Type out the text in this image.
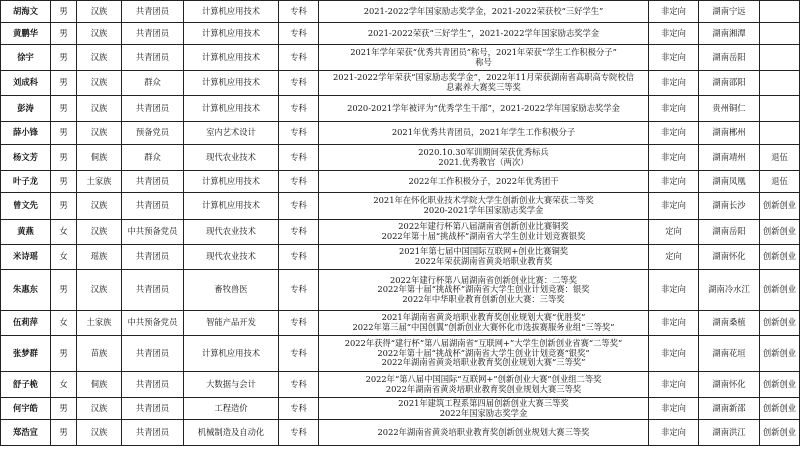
胡海文	男	汉族	共青团员	计算机应用技术	专科	2021-2022学年国家励志奖学金，2021-2022荣获校“三好学生”	非定向	湖南宁远	
黄鹏华	男	汉族	共青团员	计算机应用技术	专科	2021-2022荣获“三好学生”，2021-2022学年国家励志奖学金	非定向	湖南湘潭	
徐宇	男	汉族	共青团员	计算机应用技术	专科	2021年学年荣获“优秀共青团员”称号，2021年荣获“学生工作积极分子”
称号	非定向	湖南岳阳	
刘成科	男	汉族	群众	计算机应用技术	专科	2021-2022学年荣获“国家励志奖学金”，2022年11月荣获湖南省高职高专院校信
息素养大赛奖三等奖	非定向	湖南邵阳	
彭涛	男	汉族	共青团员	计算机应用技术	专科	2020-2021学年被评为“优秀学生干部”，2021-2022学年国家励志奖学金	非定向	贵州铜仁	
薛小锋	男	汉族	预备党员	室内艺术设计	专科	2021年优秀共青团员，2021年学生工作积极分子	非定向	湖南郴州	
杨文芳	男	侗族	群众	现代农业技术	专科	2020.10.30军训期间荣获优秀标兵
2021.优秀教官（两次）	非定向	湖南靖州	退伍
叶子龙	男	土家族	共青团员	计算机应用技术	专科	2022年工作积极分子，2022年优秀团干	非定向	湖南凤凰	退伍
曾文先	男	汉族	共青团员	计算机应用技术	专科	2021年在怀化职业技术学院大学生创新创业大赛荣获二等奖
2020-2021学年国家励志奖学金	非定向	湖南长沙	创新创业
黄燕	女	汉族	中共预备党员	现代农业技术	专科	2022年建行杯第八届湖南省创新创业比赛铜奖
2022年第十届“挑战杯”湖南省大学生创业计划竞赛银奖	定向	湖南岳阳	创新创业
米诗瑶	女	瑶族	共青团员	现代农业技术	专科	2021年第七届中国国际互联网+创业比赛铜奖
2022年荣获湖南省黄炎培职业教育奖	定向	湖南怀化	创新创业
朱惠东	男	汉族	共青团员	畜牧兽医	专科	2022年建行杯第八届湖南省创新创业比赛：二等奖
2022年第十届“挑战杯”湖南省大学生创业计划竞赛：银奖
2022年中华职业教育创新创业大赛：三等奖	非定向	湖南冷水江	创新创业
伍莉萍	女	土家族	中共预备党员	智能产品开发	专科	2021年湖南省黄炎培职业教育奖创业规划大赛“优胜奖”
2022年第三届“中国创翼”创新创业大赛怀化市选拔赛服务业组“三等奖”	非定向	湖南桑植	创新创业
张梦群	男	苗族	共青团员	计算机应用技术	专科	2022年获得“建行杯”第八届湖南省“互联网+”大学生创新创业省赛“二等奖”
2022年第十届“挑战杯”湖南省大学生创业计划竞赛“银奖”
2022年湖南省黄炎培职业教育奖创业规划大赛“三等奖”	非定向	湖南花垣	创新创业
舒子桅	女	侗族	共青团员	大数据与会计	专科	2022年“第八届中国国际“互联网+”创新创业大赛”创业组二等奖
2022年湖南省黄炎培职业教育奖创业规划大赛三等奖	非定向	湖南怀化	创新创业
何宇皓	男	汉族	共青团员	工程造价	专科	2021年建筑工程系第四届创新创业大赛三等奖
2022年国家励志奖学金	非定向	湖南新邵	创新创业
郑浩宣	男	汉族	共青团员	机械制造及自动化	专科	2022年湖南省黄炎培职业教育奖创新创业规划大赛三等奖	非定向	湖南洪江	创新创业
